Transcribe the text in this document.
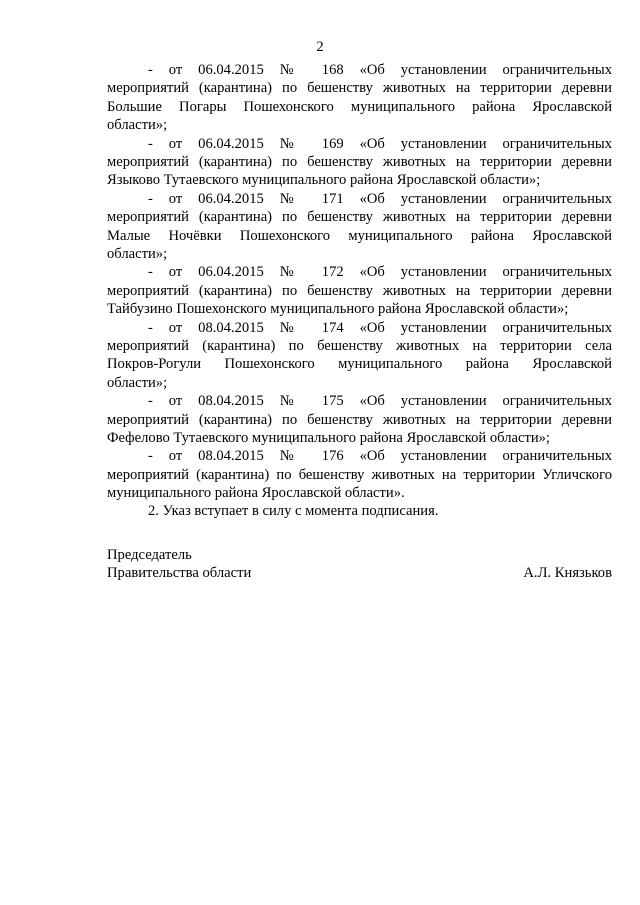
2
- от 06.04.2015 № 168 «Об установлении ограничительных
мероприятий (карантина) по бешенству животных на территории деревни
Большие Погары Пошехонского муниципального района Ярославской
области»;
- от 06.04.2015 № 169 «Об установлении ограничительных
мероприятий (карантина) по бешенству животных на территории деревни
Языково Тутаевского муниципального района Ярославской области»;
- от 06.04.2015 № 171 «Об установлении ограничительных
мероприятий (карантина) по бешенству животных на территории деревни
Малые Ночёвки Пошехонского муниципального района Ярославской
области»;
- от 06.04.2015 № 172 «Об установлении ограничительных
мероприятий (карантина) по бешенству животных на территории деревни
Тайбузино Пошехонского муниципального района Ярославской области»;
- от 08.04.2015 № 174 «Об установлении ограничительных
мероприятий (карантина) по бешенству животных на территории села
Покров-Рогули Пошехонского муниципального района Ярославской
области»;
- от 08.04.2015 № 175 «Об установлении ограничительных
мероприятий (карантина) по бешенству животных на территории деревни
Фефелово Тутаевского муниципального района Ярославской области»;
- от 08.04.2015 № 176 «Об установлении ограничительных
мероприятий (карантина) по бешенству животных на территории Угличского
муниципального района Ярославской области».
2. Указ вступает в силу с момента подписания.
Председатель
Правительства области	А.Л. Князьков
